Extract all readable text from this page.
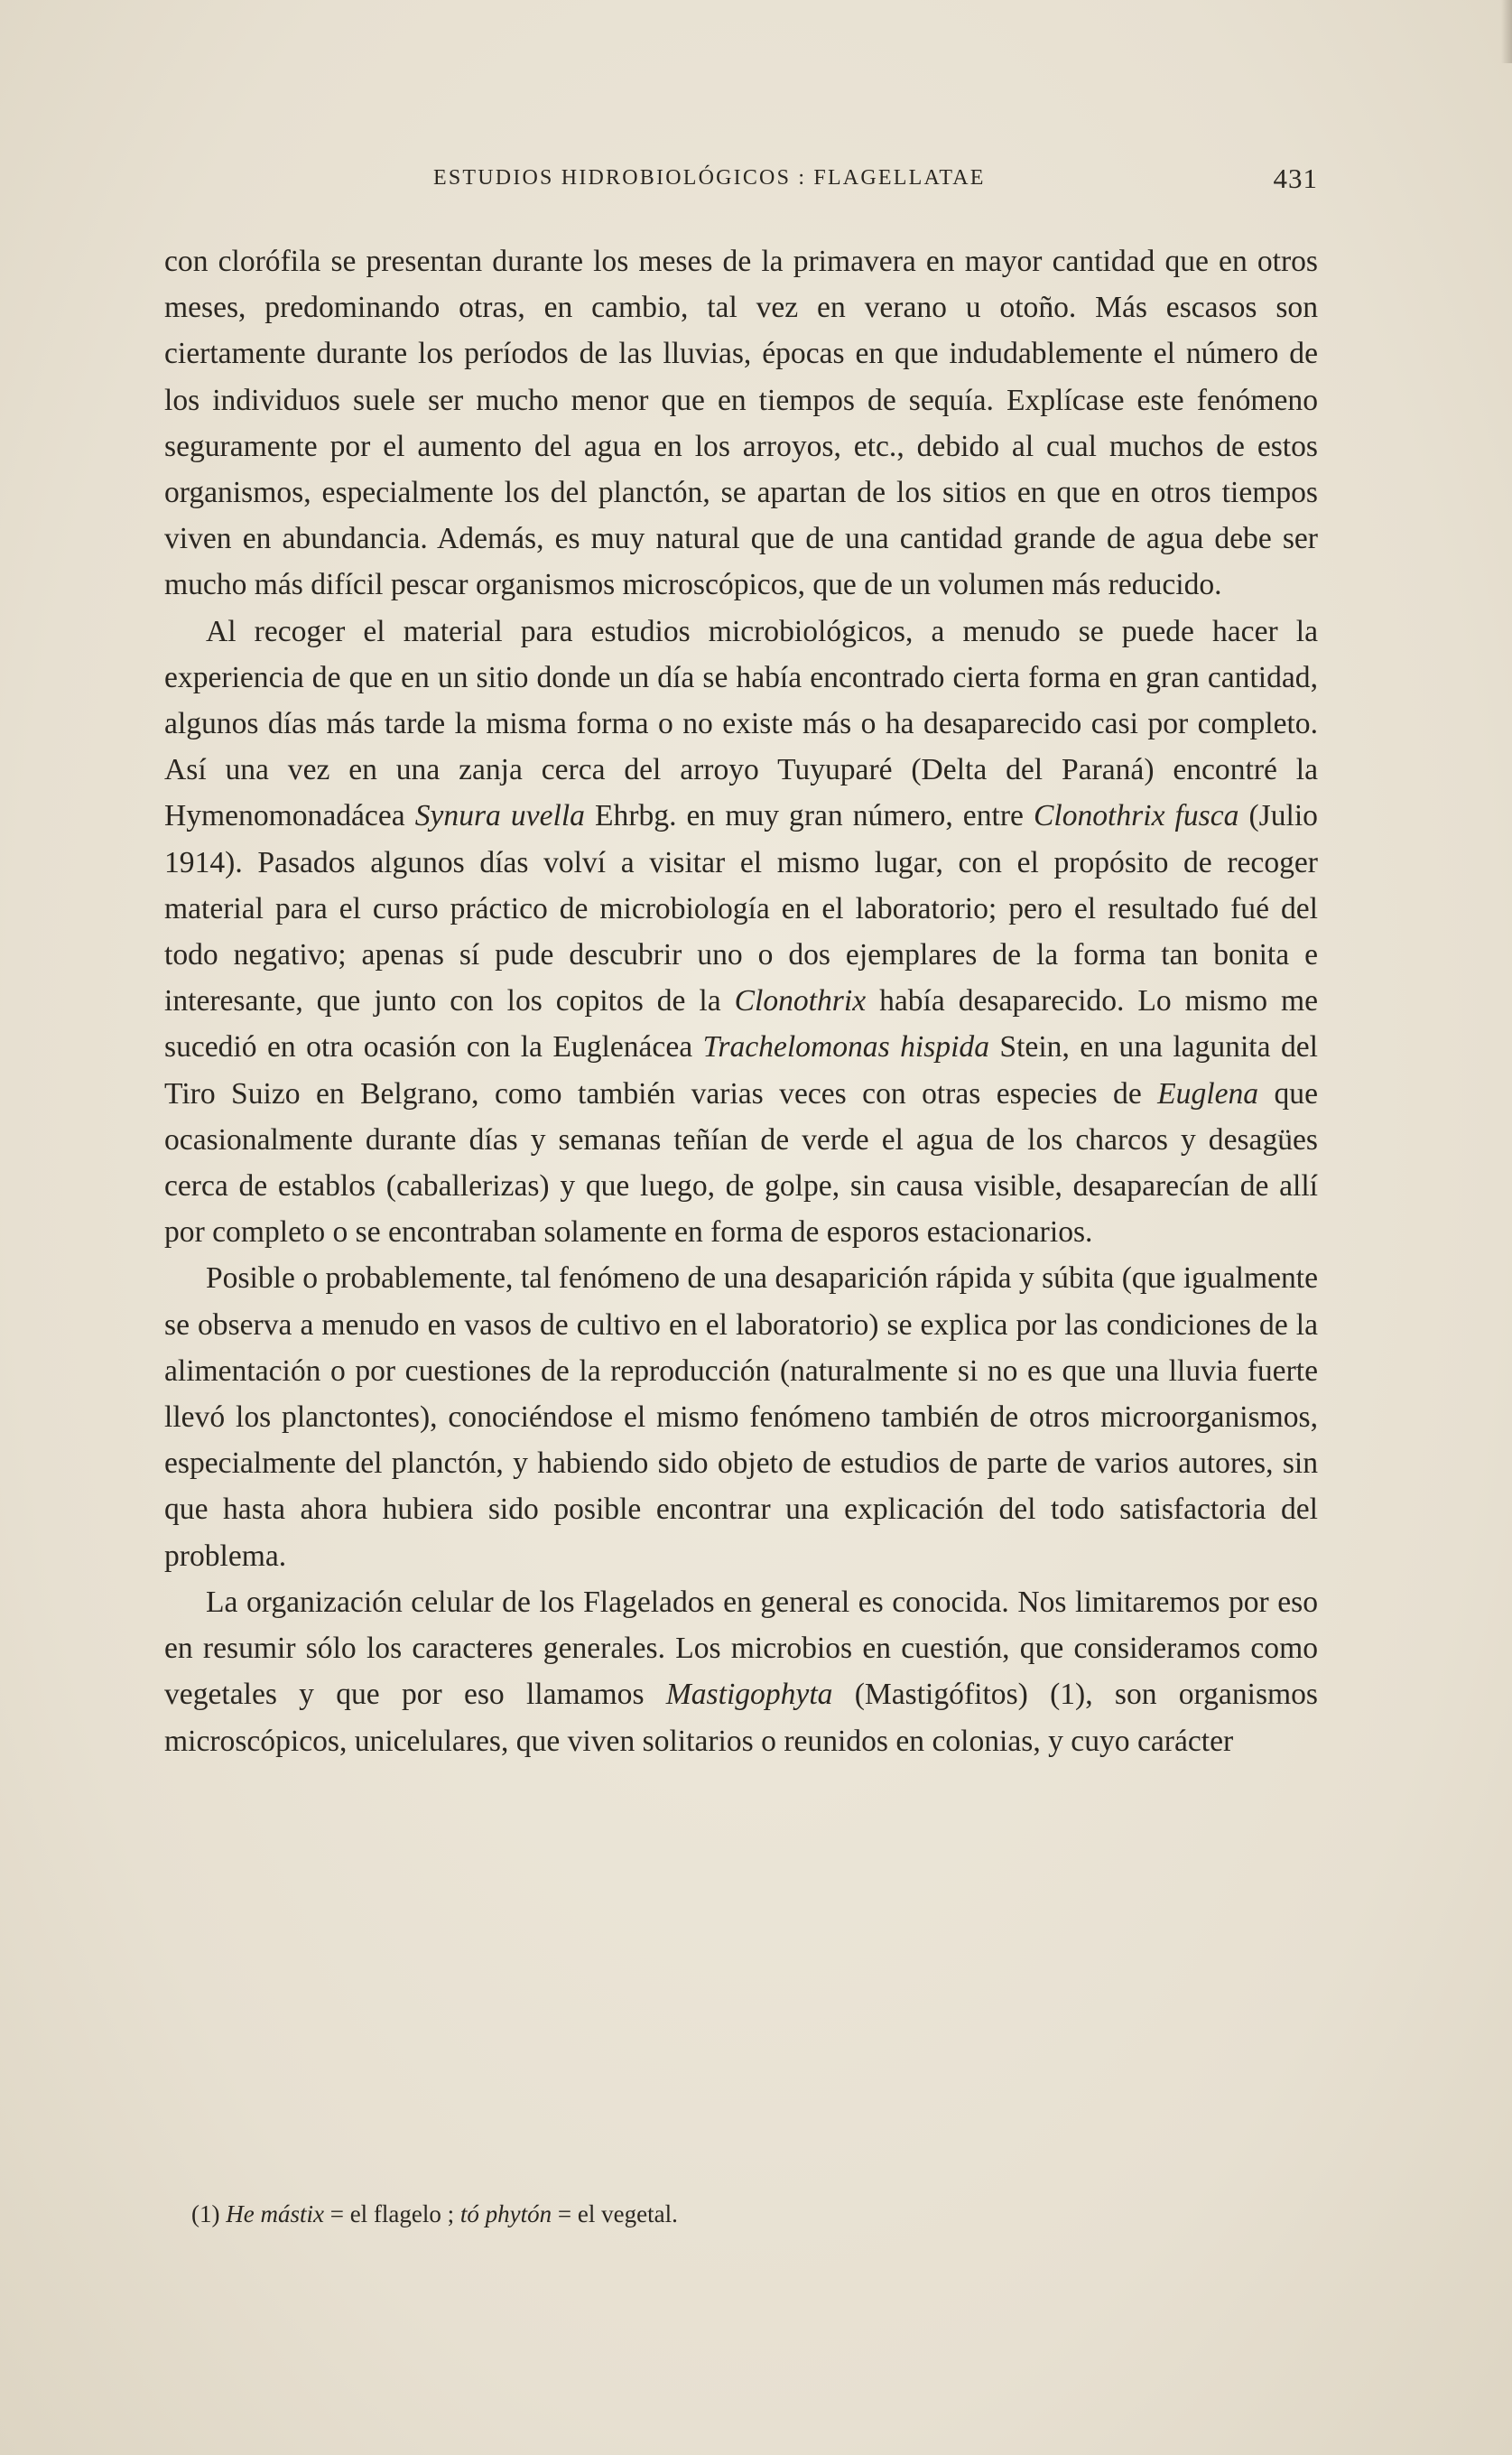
ESTUDIOS HIDROBIOLÓGICOS : FLAGELLATAE	431

con clorófila se presentan durante los meses de la primavera en mayor cantidad que en otros meses, predominando otras, en cambio, tal vez en verano u otoño. Más escasos son ciertamente durante los períodos de las lluvias, épocas en que indudablemente el número de los individuos suele ser mucho menor que en tiempos de sequía. Explícase este fenómeno seguramente por el aumento del agua en los arroyos, etc., debido al cual muchos de estos organismos, especialmente los del planctón, se apartan de los sitios en que en otros tiempos viven en abundancia. Además, es muy natural que de una cantidad grande de agua debe ser mucho más difícil pescar organismos microscópicos, que de un volumen más reducido.

Al recoger el material para estudios microbiológicos, a menudo se puede hacer la experiencia de que en un sitio donde un día se había encontrado cierta forma en gran cantidad, algunos días más tarde la misma forma o no existe más o ha desaparecido casi por completo. Así una vez en una zanja cerca del arroyo Tuyuparé (Delta del Paraná) encontré la Hymenomonadácea Synura uvella Ehrbg. en muy gran número, entre Clonothrix fusca (Julio 1914). Pasados algunos días volví a visitar el mismo lugar, con el propósito de recoger material para el curso práctico de microbiología en el laboratorio; pero el resultado fué del todo negativo; apenas sí pude descubrir uno o dos ejemplares de la forma tan bonita e interesante, que junto con los copitos de la Clonothrix había desaparecido. Lo mismo me sucedió en otra ocasión con la Euglenácea Trachelomonas hispida Stein, en una lagunita del Tiro Suizo en Belgrano, como también varias veces con otras especies de Euglena que ocasionalmente durante días y semanas teñían de verde el agua de los charcos y desagües cerca de establos (caballerizas) y que luego, de golpe, sin causa visible, desaparecían de allí por completo o se encontraban solamente en forma de esporos estacionarios.

Posible o probablemente, tal fenómeno de una desaparición rápida y súbita (que igualmente se observa a menudo en vasos de cultivo en el laboratorio) se explica por las condiciones de la alimentación o por cuestiones de la reproducción (naturalmente si no es que una lluvia fuerte llevó los planctontes), conociéndose el mismo fenómeno también de otros microorganismos, especialmente del planctón, y habiendo sido objeto de estudios de parte de varios autores, sin que hasta ahora hubiera sido posible encontrar una explicación del todo satisfactoria del problema.

La organización celular de los Flagelados en general es conocida. Nos limitaremos por eso en resumir sólo los caracteres generales. Los microbios en cuestión, que consideramos como vegetales y que por eso llamamos Mastigophyta (Mastigófitos) (1), son organismos microscópicos, unicelulares, que viven solitarios o reunidos en colonias, y cuyo carácter

(1) He mástix = el flagelo ; tó phytón = el vegetal.
